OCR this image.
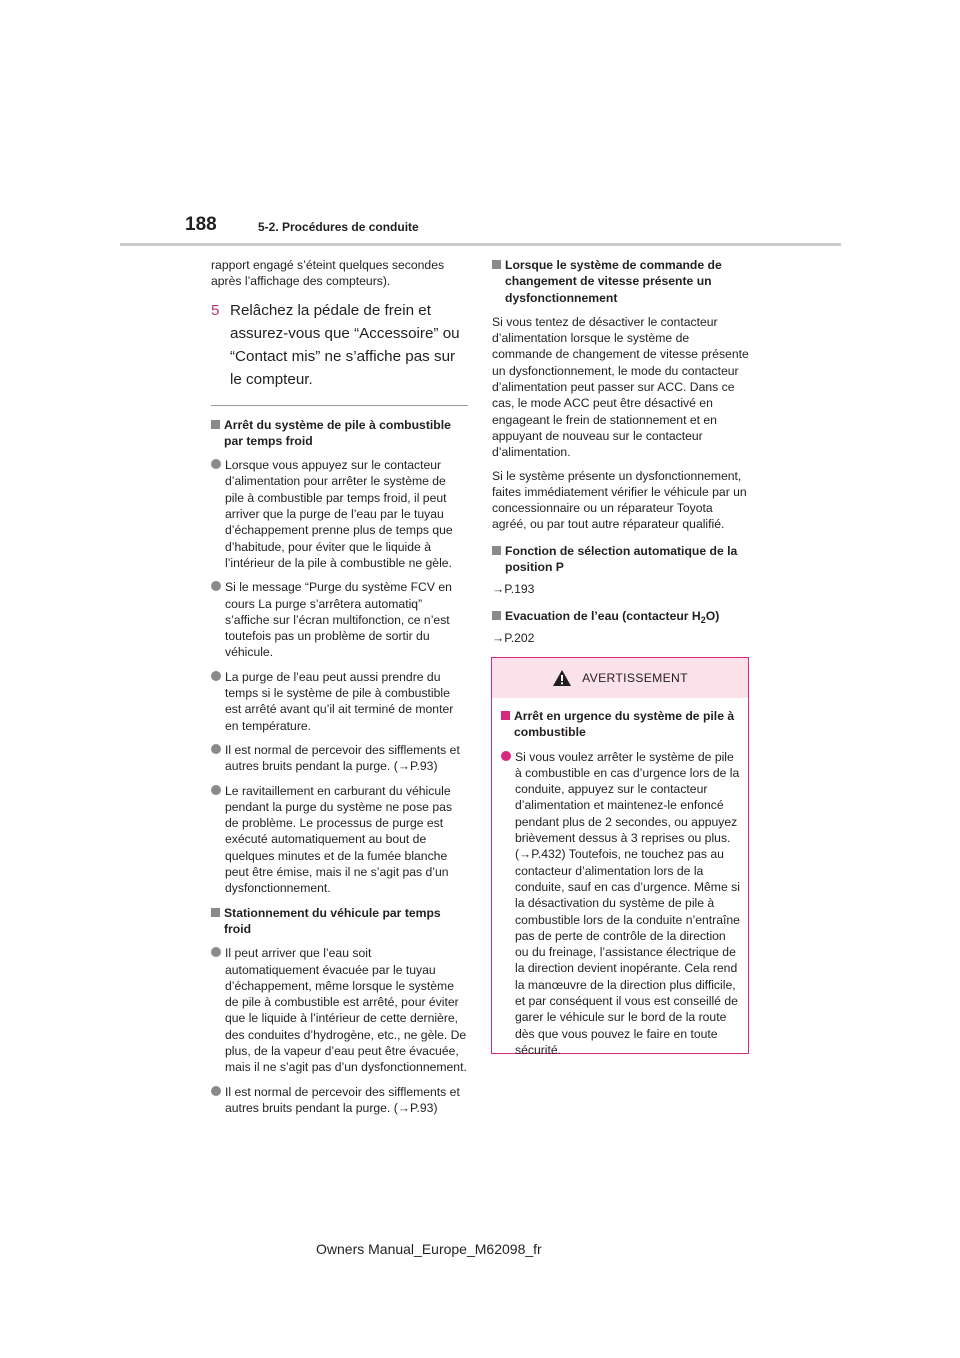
188	5-2. Procédures de conduite

rapport engagé s’éteint quelques secondes après l’affichage des compteurs).

5 Relâchez la pédale de frein et assurez-vous que “Accessoire” ou “Contact mis” ne s’affiche pas sur le compteur.
Arrêt du système de pile à combustible par temps froid
Lorsque vous appuyez sur le contacteur d’alimentation pour arrêter le système de pile à combustible par temps froid, il peut arriver que la purge de l’eau par le tuyau d’échappement prenne plus de temps que d’habitude, pour éviter que le liquide à l’intérieur de la pile à combustible ne gèle.
Si le message “Purge du système FCV en cours La purge s’arrêtera automatiq” s’affiche sur l’écran multifonction, ce n’est toutefois pas un problème de sortir du véhicule.
La purge de l’eau peut aussi prendre du temps si le système de pile à combustible est arrêté avant qu’il ait terminé de monter en température.
Il est normal de percevoir des sifflements et autres bruits pendant la purge. (→P.93)
Le ravitaillement en carburant du véhicule pendant la purge du système ne pose pas de problème. Le processus de purge est exécuté automatiquement au bout de quelques minutes et de la fumée blanche peut être émise, mais il ne s’agit pas d’un dysfonctionnement.
Stationnement du véhicule par temps froid
Il peut arriver que l’eau soit automatiquement évacuée par le tuyau d’échappement, même lorsque le système de pile à combustible est arrêté, pour éviter que le liquide à l’intérieur de cette dernière, des conduites d’hydrogène, etc., ne gèle. De plus, de la vapeur d’eau peut être évacuée, mais il ne s’agit pas d’un dysfonctionnement.
Il est normal de percevoir des sifflements et autres bruits pendant la purge. (→P.93)
Lorsque le système de commande de changement de vitesse présente un dysfonctionnement

Si vous tentez de désactiver le contacteur d’alimentation lorsque le système de commande de changement de vitesse présente un dysfonctionnement, le mode du contacteur d’alimentation peut passer sur ACC. Dans ce cas, le mode ACC peut être désactivé en engageant le frein de stationnement et en appuyant de nouveau sur le contacteur d’alimentation.

Si le système présente un dysfonctionnement, faites immédiatement vérifier le véhicule par un concessionnaire ou un réparateur Toyota agréé, ou par tout autre réparateur qualifié.

Fonction de sélection automatique de la position P

→P.193

Evacuation de l’eau (contacteur $H_2O$)

→P.202

AVERTISSEMENT
Arrêt en urgence du système de pile à combustible
Si vous voulez arrêter le système de pile à combustible en cas d’urgence lors de la conduite, appuyez sur le contacteur d’alimentation et maintenez-le enfoncé pendant plus de 2 secondes, ou appuyez brièvement dessus à 3 reprises ou plus. (→P.432) Toutefois, ne touchez pas au contacteur d’alimentation lors de la conduite, sauf en cas d’urgence. Même si la désactivation du système de pile à combustible lors de la conduite n’entraîne pas de perte de contrôle de la direction ou du freinage, l’assistance électrique de la direction devient inopérante. Cela rend la manœuvre de la direction plus difficile, et par conséquent il vous est conseillé de garer le véhicule sur le bord de la route dès que vous pouvez le faire en toute sécurité.
Owners Manual_Europe_M62098_fr
